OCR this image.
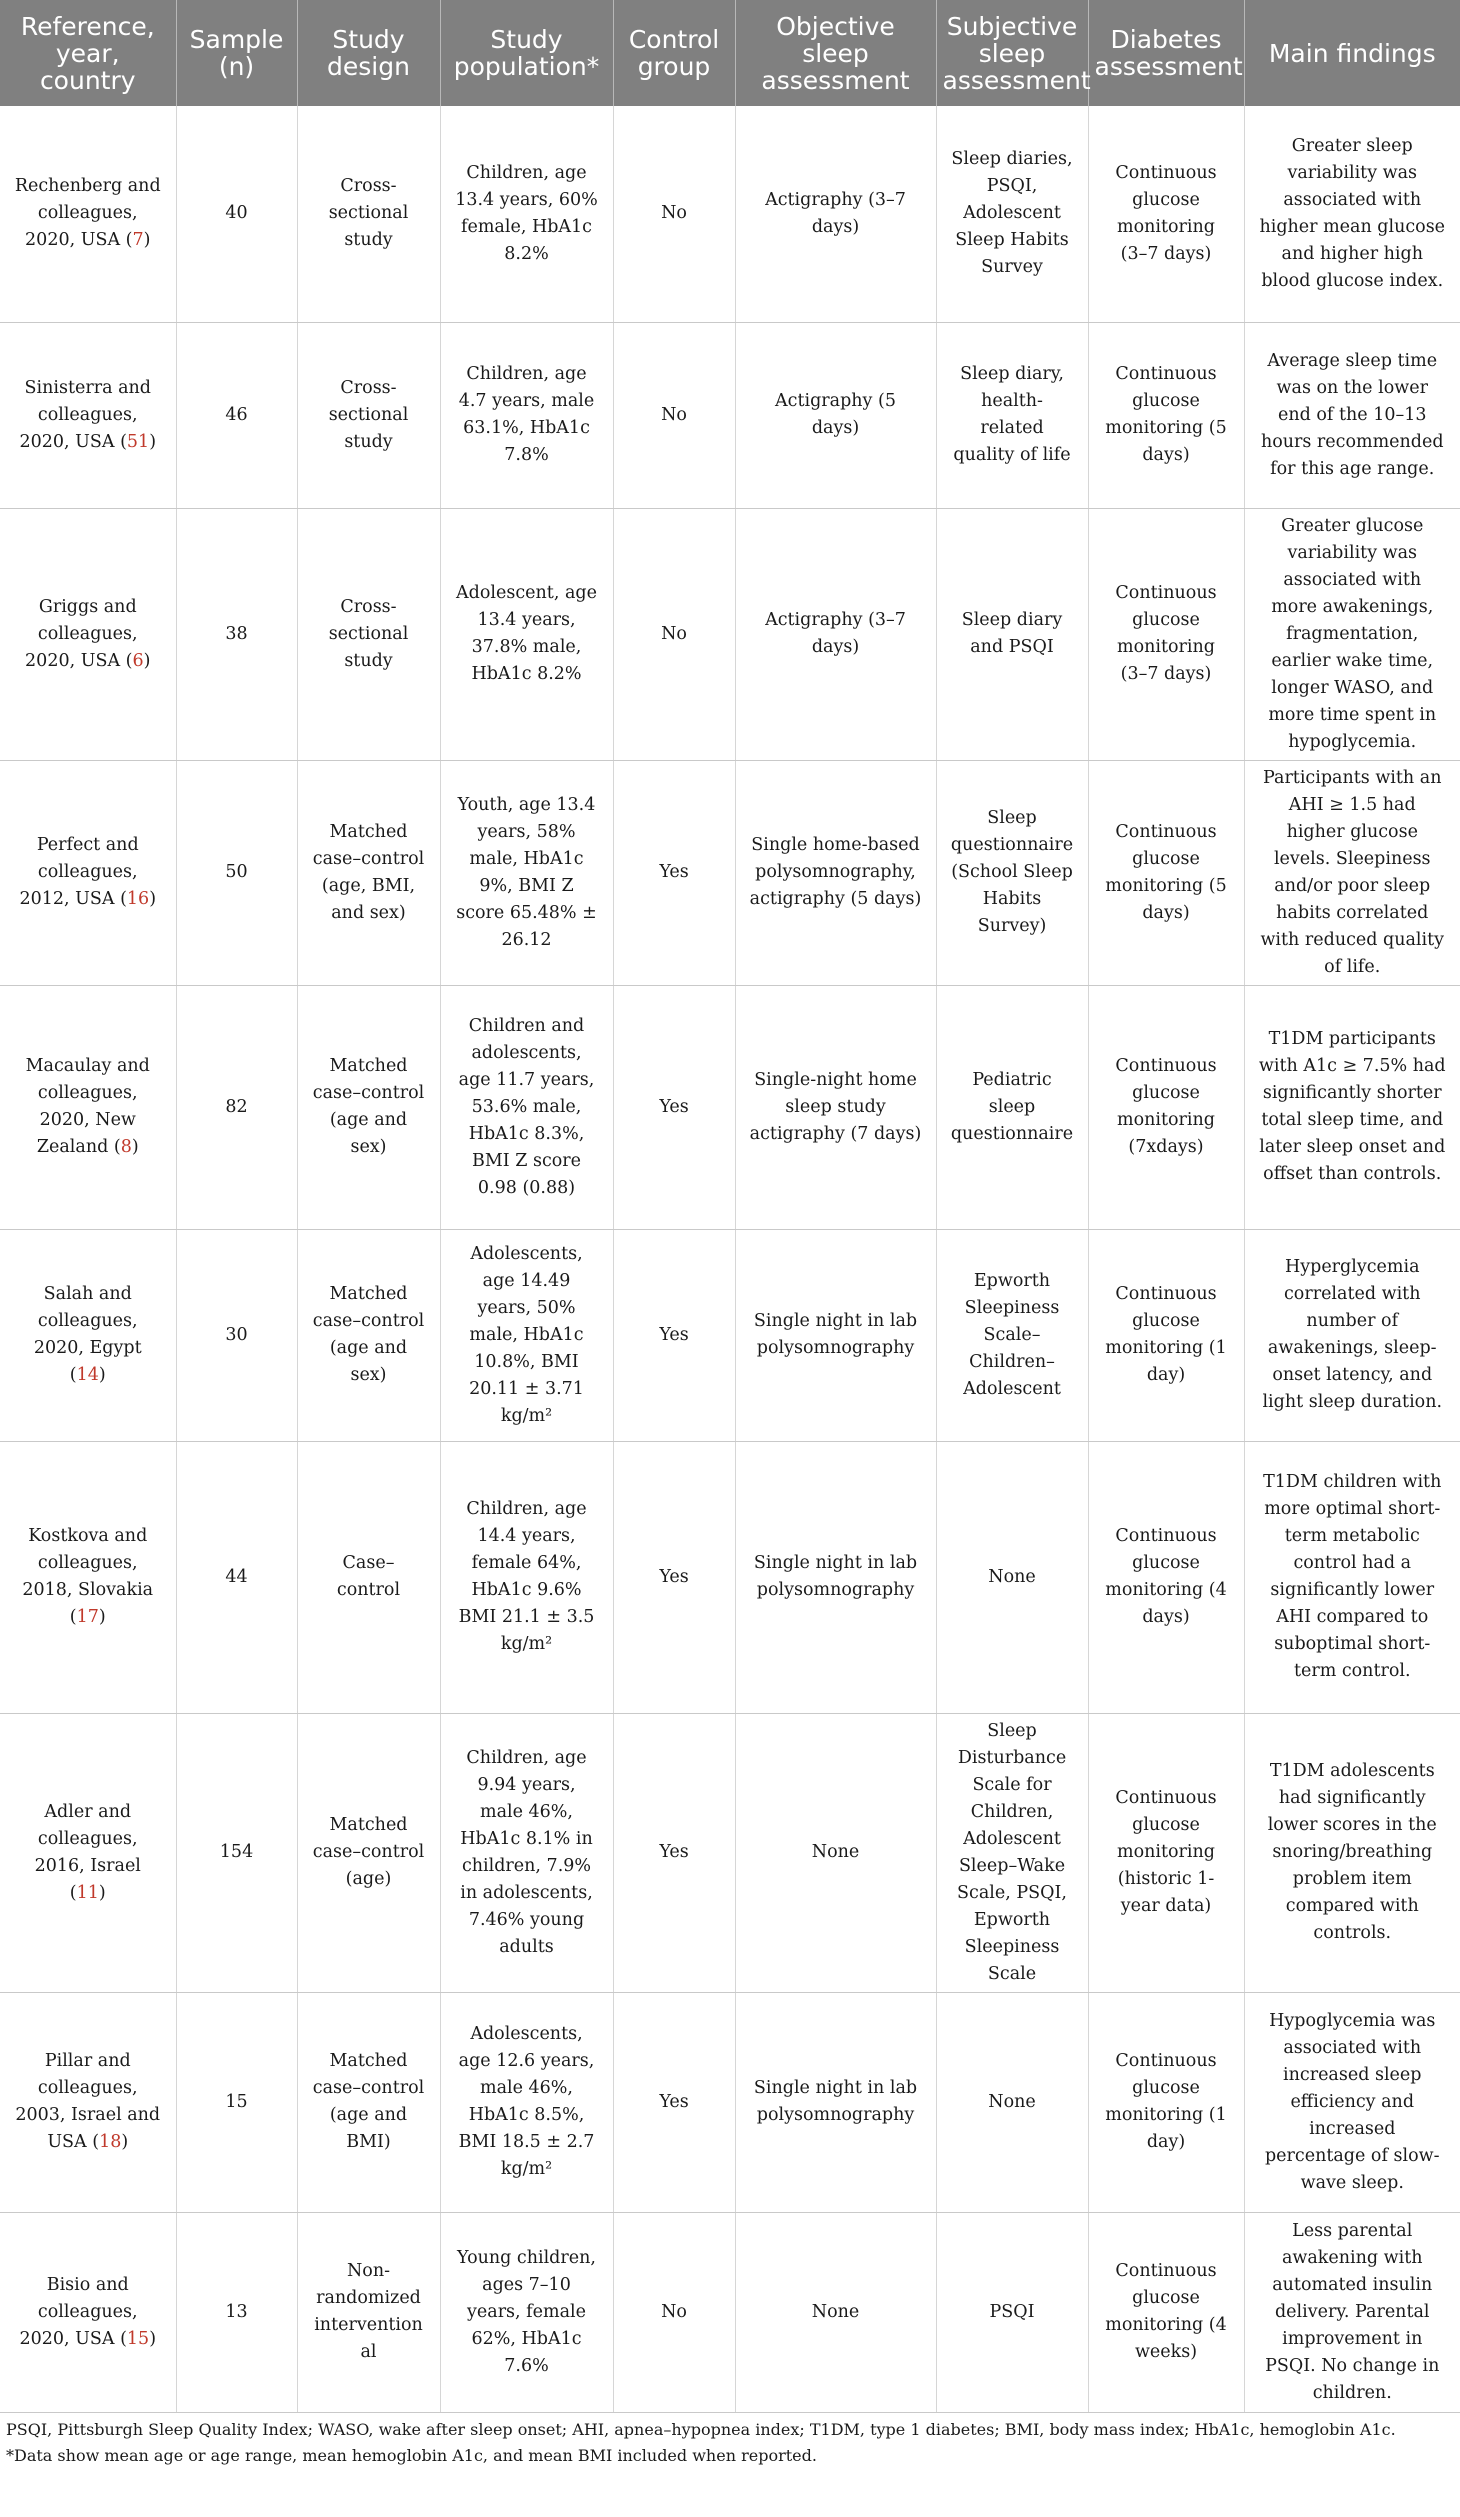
Reference, year, country	Sample (n)	Study design	Study population*	Control group	Objective sleep assessment	Subjective sleep assessment	Diabetes assessment	Main findings
Rechenberg and colleagues, 2020, USA (7)	40	Cross-sectional study	Children, age 13.4 years, 60% female, HbA1c 8.2%	No	Actigraphy (3–7 days)	Sleep diaries, PSQI, Adolescent Sleep Habits Survey	Continuous glucose monitoring (3–7 days)	Greater sleep variability was associated with higher mean glucose and higher high blood glucose index.
Sinisterra and colleagues, 2020, USA (51)	46	Cross-sectional study	Children, age 4.7 years, male 63.1%, HbA1c 7.8%	No	Actigraphy (5 days)	Sleep diary, health-related quality of life	Continuous glucose monitoring (5 days)	Average sleep time was on the lower end of the 10–13 hours recommended for this age range.
Griggs and colleagues, 2020, USA (6)	38	Cross-sectional study	Adolescent, age 13.4 years, 37.8% male, HbA1c 8.2%	No	Actigraphy (3–7 days)	Sleep diary and PSQI	Continuous glucose monitoring (3–7 days)	Greater glucose variability was associated with more awakenings, fragmentation, earlier wake time, longer WASO, and more time spent in hypoglycemia.
Perfect and colleagues, 2012, USA (16)	50	Matched case–control (age, BMI, and sex)	Youth, age 13.4 years, 58% male, HbA1c 9%, BMI Z score 65.48% ± 26.12	Yes	Single home-based polysomnography, actigraphy (5 days)	Sleep questionnaire (School Sleep Habits Survey)	Continuous glucose monitoring (5 days)	Participants with an AHI ≥ 1.5 had higher glucose levels. Sleepiness and/or poor sleep habits correlated with reduced quality of life.
Macaulay and colleagues, 2020, New Zealand (8)	82	Matched case–control (age and sex)	Children and adolescents, age 11.7 years, 53.6% male, HbA1c 8.3%, BMI Z score 0.98 (0.88)	Yes	Single-night home sleep study actigraphy (7 days)	Pediatric sleep questionnaire	Continuous glucose monitoring (7xdays)	T1DM participants with A1c ≥ 7.5% had significantly shorter total sleep time, and later sleep onset and offset than controls.
Salah and colleagues, 2020, Egypt (14)	30	Matched case–control (age and sex)	Adolescents, age 14.49 years, 50% male, HbA1c 10.8%, BMI 20.11 ± 3.71 kg/m²	Yes	Single night in lab polysomnography	Epworth Sleepiness Scale–Children–Adolescent	Continuous glucose monitoring (1 day)	Hyperglycemia correlated with number of awakenings, sleep-onset latency, and light sleep duration.
Kostkova and colleagues, 2018, Slovakia (17)	44	Case–control	Children, age 14.4 years, female 64%, HbA1c 9.6% BMI 21.1 ± 3.5 kg/m²	Yes	Single night in lab polysomnography	None	Continuous glucose monitoring (4 days)	T1DM children with more optimal short-term metabolic control had a significantly lower AHI compared to suboptimal short-term control.
Adler and colleagues, 2016, Israel (11)	154	Matched case–control (age)	Children, age 9.94 years, male 46%, HbA1c 8.1% in children, 7.9% in adolescents, 7.46% young adults	Yes	None	Sleep Disturbance Scale for Children, Adolescent Sleep–Wake Scale, PSQI, Epworth Sleepiness Scale	Continuous glucose monitoring (historic 1-year data)	T1DM adolescents had significantly lower scores in the snoring/breathing problem item compared with controls.
Pillar and colleagues, 2003, Israel and USA (18)	15	Matched case–control (age and BMI)	Adolescents, age 12.6 years, male 46%, HbA1c 8.5%, BMI 18.5 ± 2.7 kg/m²	Yes	Single night in lab polysomnography	None	Continuous glucose monitoring (1 day)	Hypoglycemia was associated with increased sleep efficiency and increased percentage of slow-wave sleep.
Bisio and colleagues, 2020, USA (15)	13	Non-randomized interventional	Young children, ages 7–10 years, female 62%, HbA1c 7.6%	No	None	PSQI	Continuous glucose monitoring (4 weeks)	Less parental awakening with automated insulin delivery. Parental improvement in PSQI. No change in children.
PSQI, Pittsburgh Sleep Quality Index; WASO, wake after sleep onset; AHI, apnea–hypopnea index; T1DM, type 1 diabetes; BMI, body mass index; HbA1c, hemoglobin A1c.
*Data show mean age or age range, mean hemoglobin A1c, and mean BMI included when reported.
